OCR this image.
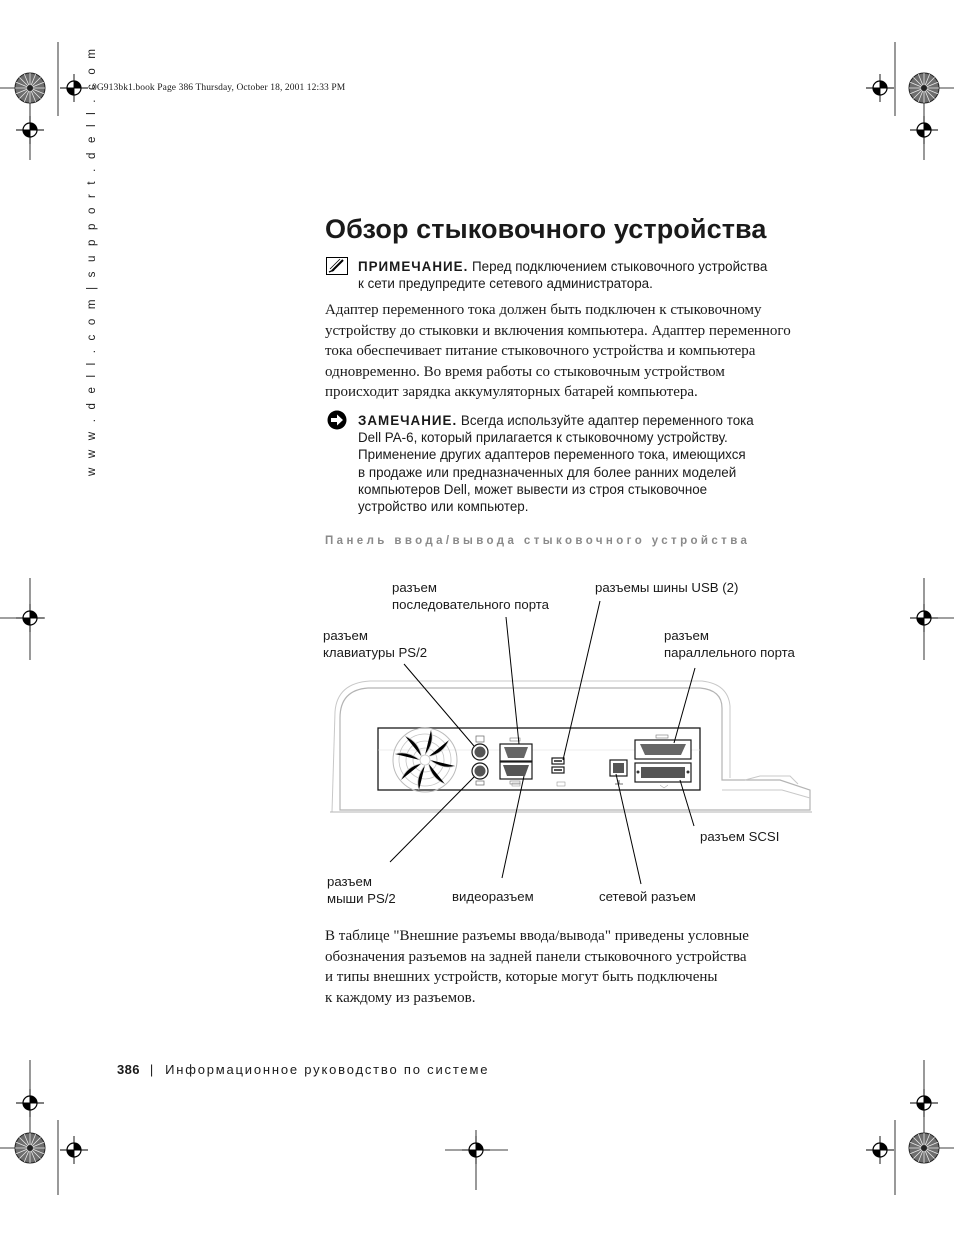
0G913bk1.book Page 386 Thursday, October 18, 2001 12:33 PM
w w w . d e l l . c o m | s u p p o r t . d e l l . c o m	Обзор стыковочного устройства
ПРИМЕЧАНИЕ. Перед подключением стыковочного устройства
к сети предупредите сетевого администратора.
Адаптер переменного тока должен быть подключен к стыковочному
устройству до стыковки и включения компьютера. Адаптер переменного
тока обеспечивает питание стыковочного устройства и компьютера
одновременно. Во время работы со стыковочным устройством
происходит зарядка аккумуляторных батарей компьютера.
ЗАМЕЧАНИЕ. Всегда используйте адаптер переменного тока
Dell PA-6, который прилагается к стыковочному устройству.
Применение других адаптеров переменного тока, имеющихся
в продаже или предназначенных для более ранних моделей
компьютеров Dell, может вывести из строя стыковочное
устройство или компьютер.
Панель ввода/вывода стыковочного устройства
разъем
последовательного порта
разъемы шины USB (2)
разъем
клавиатуры PS/2
разъем
параллельного порта
разъем SCSI
разъем
мыши PS/2	видеоразъем	сетевой разъем
В таблице "Внешние разъемы ввода/вывода" приведены условные
обозначения разъемов на задней панели стыковочного устройства
и типы внешних устройств, которые могут быть подключены
к каждому из разъемов.
386 | Информационное руководство по системе
